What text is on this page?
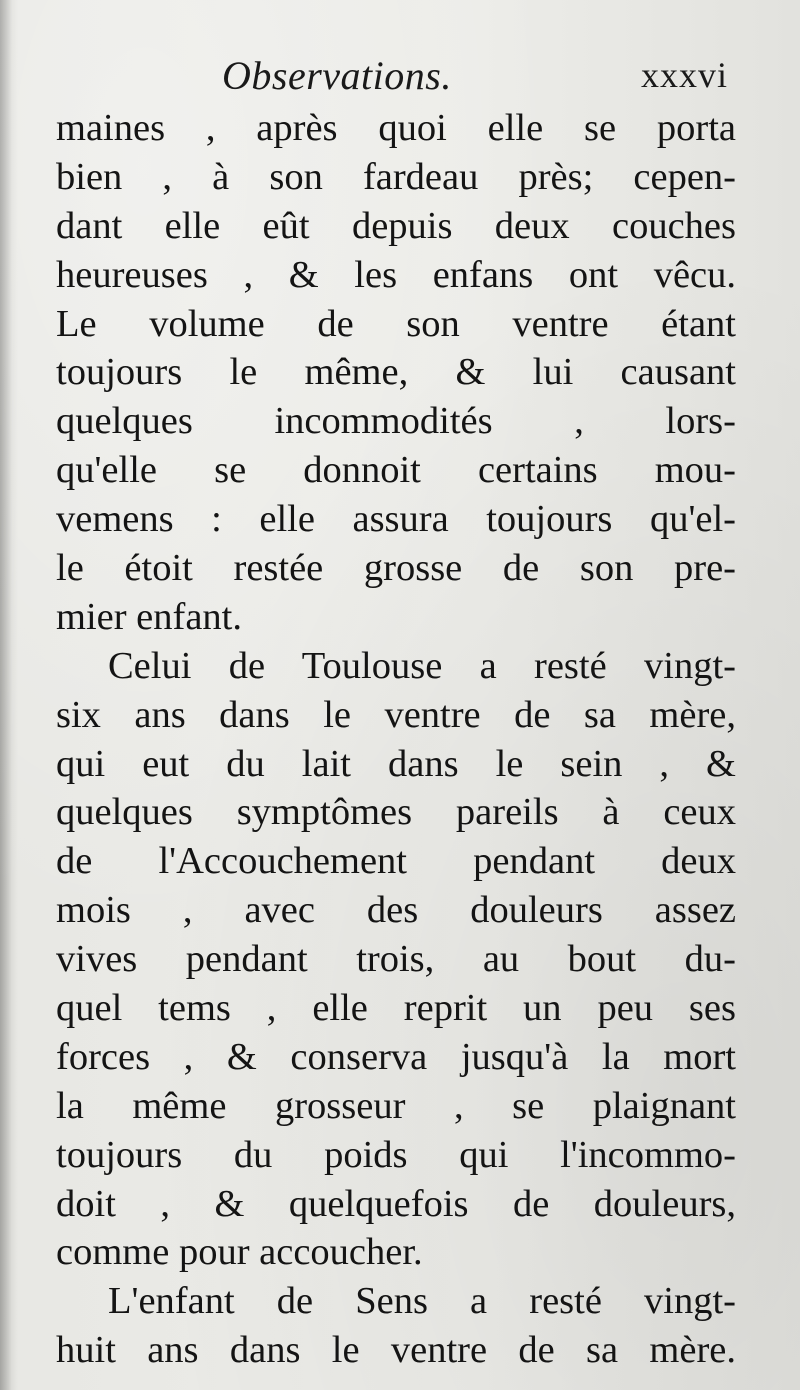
Observations.	xxxvi
maines , après quoi elle se porta
bien , à son fardeau près; cepen-
dant elle eût depuis deux couches
heureuses , & les enfans ont vêcu.
Le volume de son ventre étant
toujours le même, & lui causant
quelques incommodités , lors-
qu'elle se donnoit certains mou-
vemens : elle assura toujours qu'el-
le étoit restée grosse de son pre-
mier enfant.
Celui de Toulouse a resté vingt-
six ans dans le ventre de sa mère,
qui eut du lait dans le sein , &
quelques symptômes pareils à ceux
de l'Accouchement pendant deux
mois , avec des douleurs assez
vives pendant trois, au bout du-
quel tems , elle reprit un peu ses
forces , & conserva jusqu'à la mort
la même grosseur , se plaignant
toujours du poids qui l'incommo-
doit , & quelquefois de douleurs,
comme pour accoucher.
L'enfant de Sens a resté vingt-
huit ans dans le ventre de sa mère.
